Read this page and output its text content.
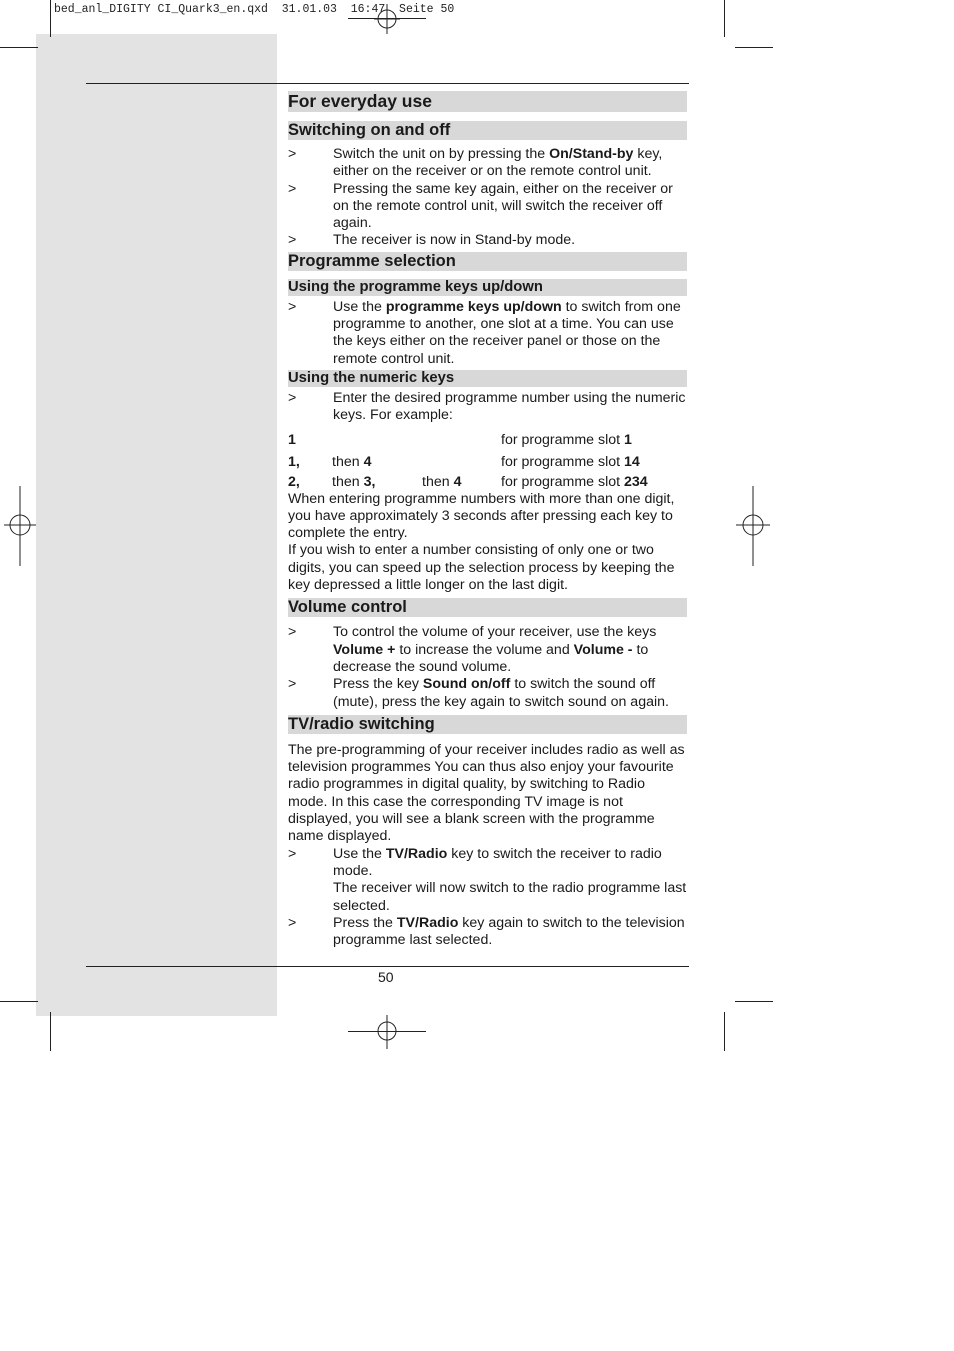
bed_anl_DIGITY CI_Quark3_en.qxd  31.01.03  16:47  Seite 50
For everyday use
Switching on and off
>	Switch the unit on by pressing the On/Stand-by key, either on the receiver or on the remote control unit.
>	Pressing the same key again, either on the receiver or on the remote control unit, will switch the receiver off again.
>	The receiver is now in Stand-by mode.
Programme selection
Using the programme keys up/down
>	Use the programme keys up/down to switch from one programme to another, one slot at a time. You can use the keys either on the receiver panel or those on the remote control unit.
Using the numeric keys
>	Enter the desired programme number using the numeric keys. For example:
1	for programme slot 1
1,	then 4	for programme slot 14
2,	then 3,	then 4	for programme slot 234
When entering programme numbers with more than one digit, you have approximately 3 seconds after pressing each key to complete the entry.
If you wish to enter a number consisting of only one or two digits, you can speed up the selection process by keeping the key depressed a little longer on the last digit.
Volume control
>	To control the volume of your receiver, use the keys Volume + to increase the volume and Volume - to decrease the sound volume.
>	Press the key Sound on/off to switch the sound off (mute), press the key again to switch sound on again.
TV/radio switching
The pre-programming of your receiver includes radio as well as television programmes You can thus also enjoy your favourite radio programmes in digital quality, by switching to Radio mode. In this case the corresponding TV image is not displayed, you will see a blank screen with the programme name displayed.
>	Use the TV/Radio key to switch the receiver to radio mode.
The receiver will now switch to the radio programme last selected.
>	Press the TV/Radio key again to switch to the television programme last selected.
50
